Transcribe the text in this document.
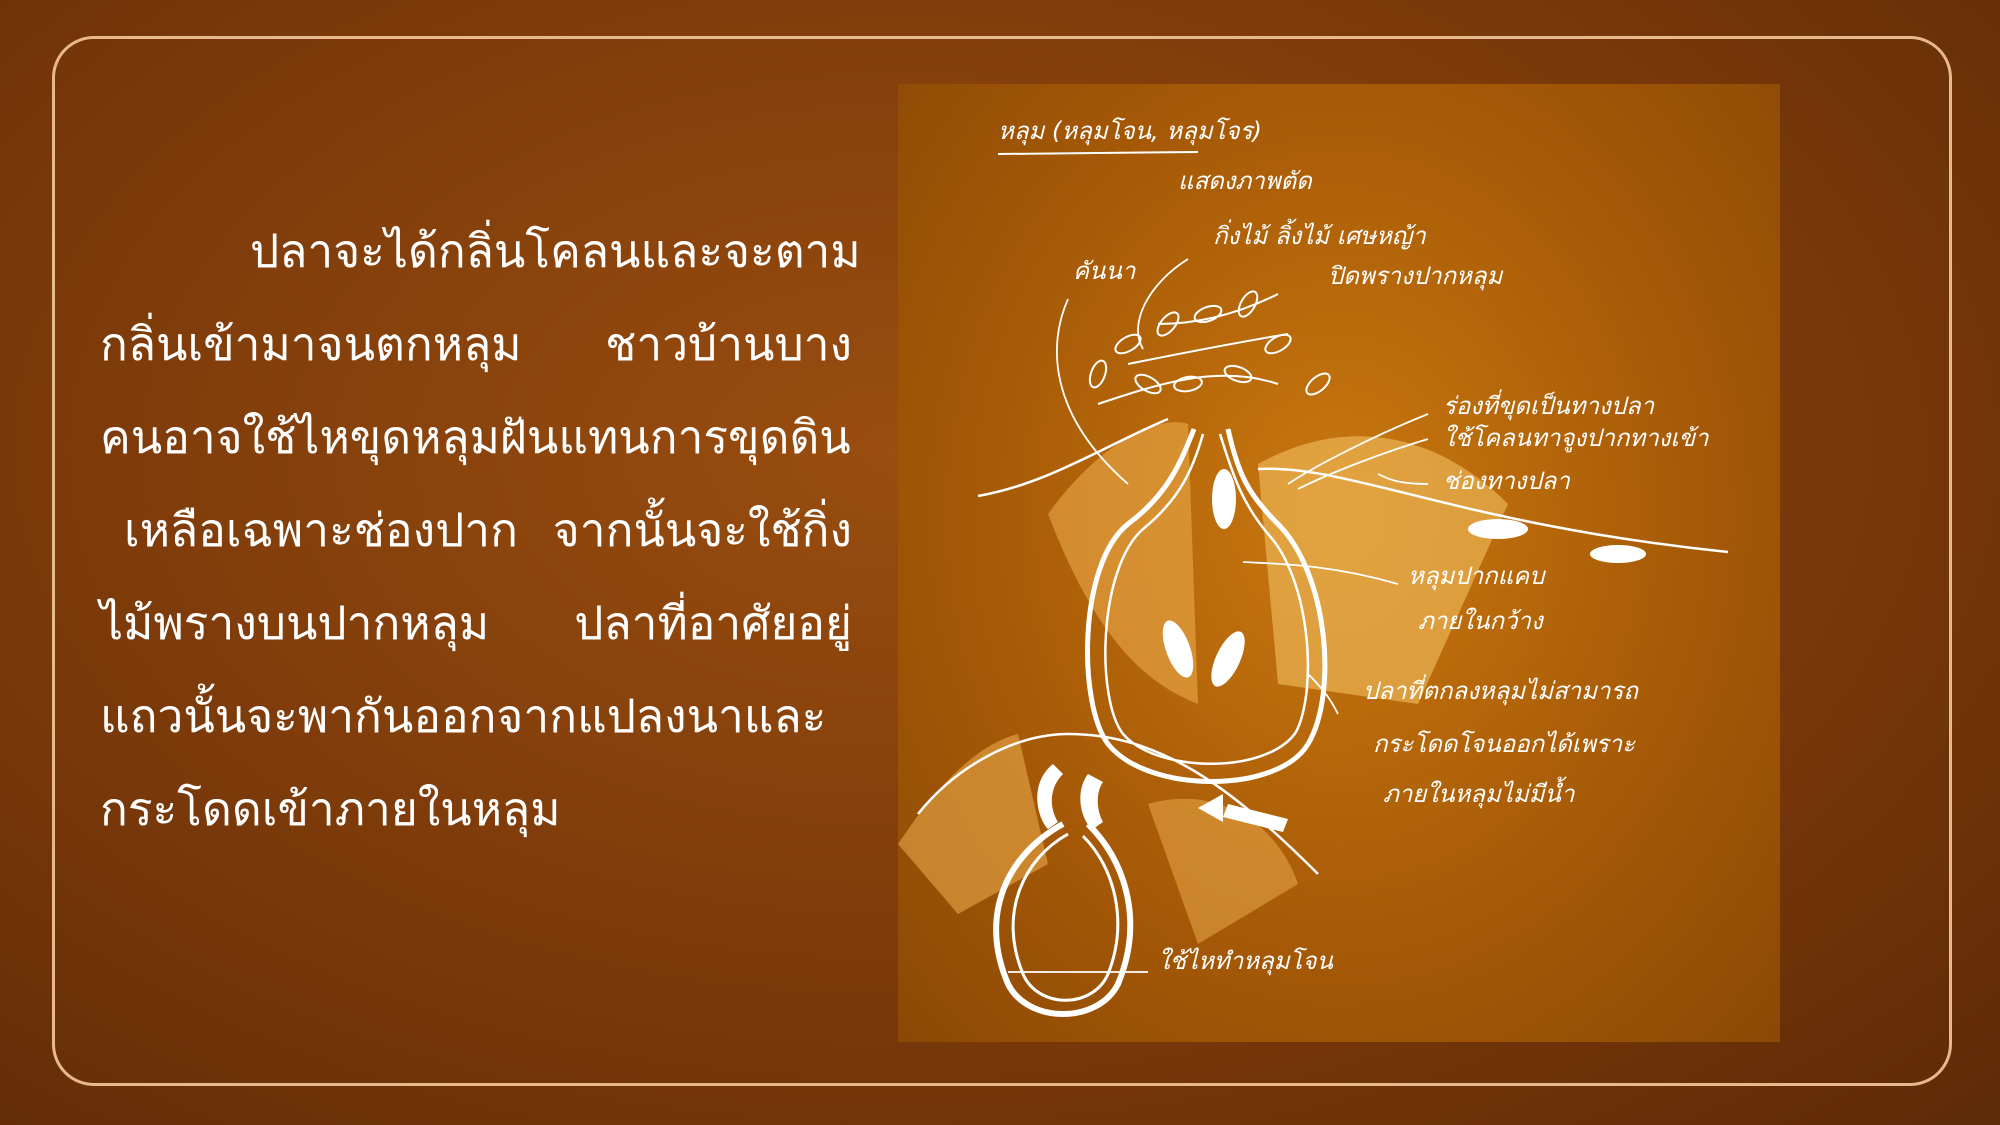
ปลาจะได้กลิ่นโคลนและจะตาม
กลิ่นเข้ามาจนตกหลุม ชาวบ้านบาง
คนอาจใช้ไหขุดหลุมฝันแทนการขุดดิน
เหลือเฉพาะช่องปาก จากนั้นจะใช้กิ่ง
ไม้พรางบนปากหลุม ปลาที่อาศัยอยู่
แถวนั้นจะพากันออกจากแปลงนาและ
กระโดดเข้าภายในหลุม
หลุม (หลุมโจน, หลุมโจร)
แสดงภาพตัด
คันนา
กิ่งไม้ ลิ้งไม้ เศษหญ้า
ปิดพรางปากหลุม
ร่องที่ขุดเป็นทางปลา
ใช้โคลนทาจูงปากทางเข้า
ช่องทางปลา
หลุมปากแคบ
ภายในกว้าง
ปลาที่ตกลงหลุมไม่สามารถ
กระโดดโจนออกได้เพราะ
ภายในหลุมไม่มีน้ำ
ใช้ไหทำหลุมโจน
